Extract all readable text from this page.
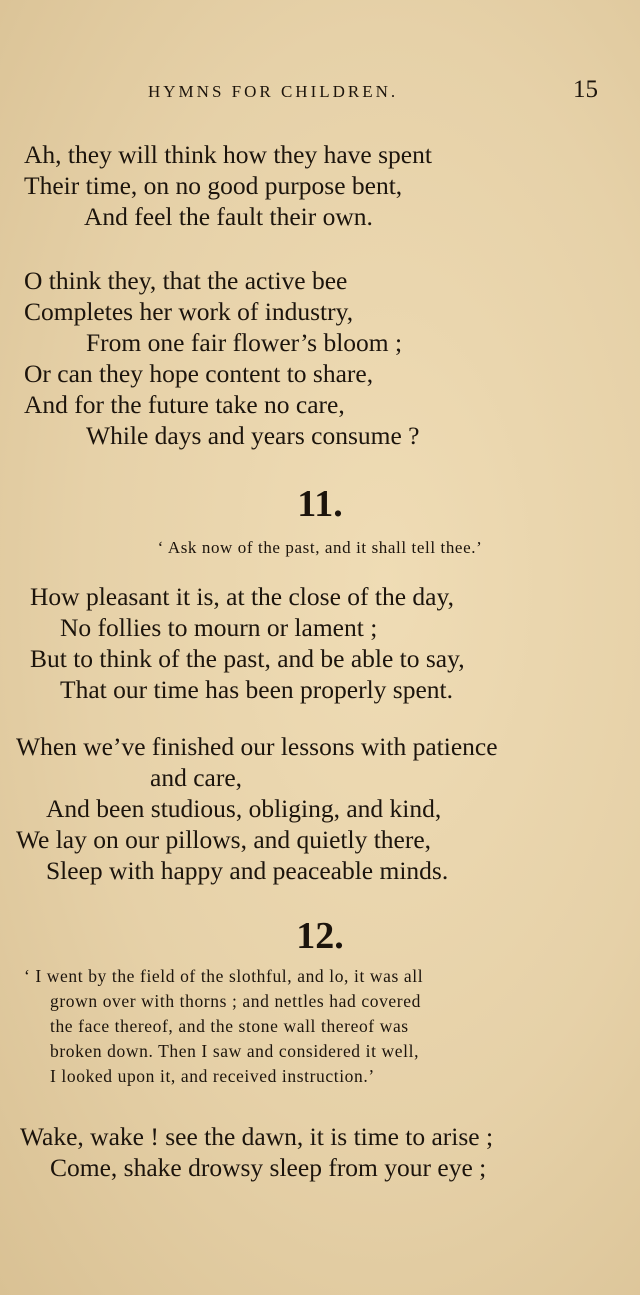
HYMNS FOR CHILDREN.	15
Ah, they will think how they have spent
Their time, on no good purpose bent,
And feel the fault their own.
O think they, that the active bee
Completes her work of industry,
From one fair flower’s bloom ;
Or can they hope content to share,
And for the future take no care,
While days and years consume ?
11.
‘ Ask now of the past, and it shall tell thee.’
How pleasant it is, at the close of the day,
No follies to mourn or lament ;
But to think of the past, and be able to say,
That our time has been properly spent.
When we’ve finished our lessons with patience
and care,
And been studious, obliging, and kind,
We lay on our pillows, and quietly there,
Sleep with happy and peaceable minds.
12.
‘ I went by the field of the slothful, and lo, it was all
grown over with thorns ; and nettles had covered
the face thereof, and the stone wall thereof was
broken down. Then I saw and considered it well,
I looked upon it, and received instruction.’
Wake, wake ! see the dawn, it is time to arise ;
Come, shake drowsy sleep from your eye ;
